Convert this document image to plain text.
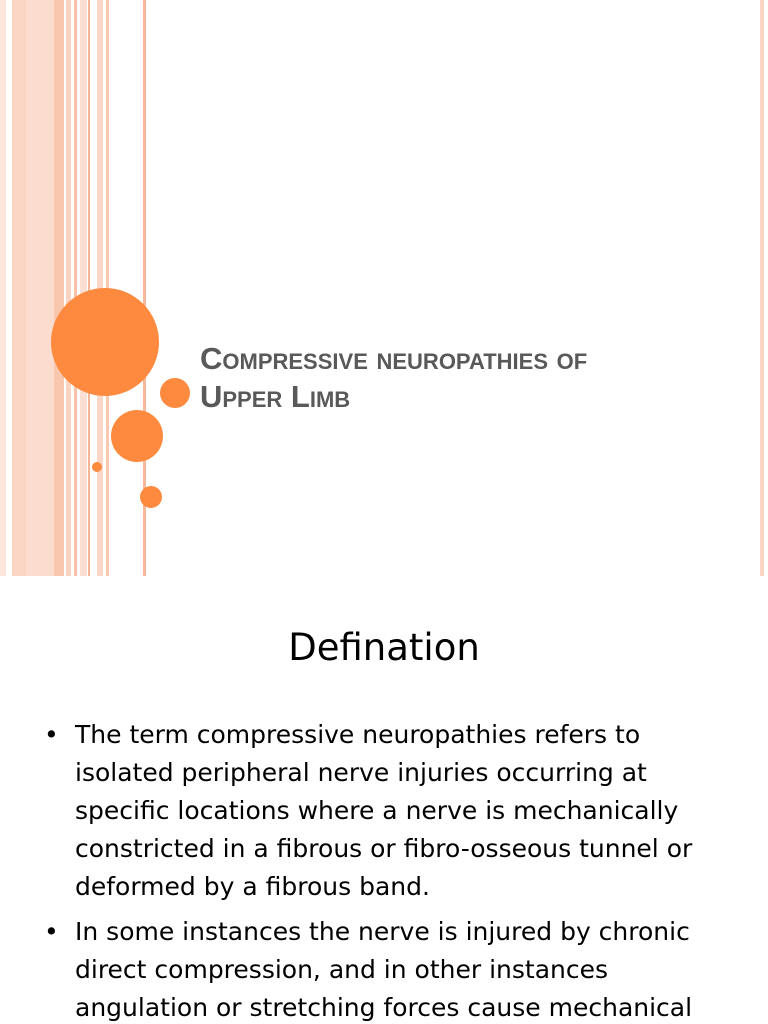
Compressive neuropathies of
Upper Limb
Defination
• The term compressive neuropathies refers to isolated peripheral nerve injuries occurring at specific locations where a nerve is mechanically constricted in a fibrous or fibro-osseous tunnel or deformed by a fibrous band.
• In some instances the nerve is injured by chronic direct compression, and in other instances angulation or stretching forces cause mechanical
